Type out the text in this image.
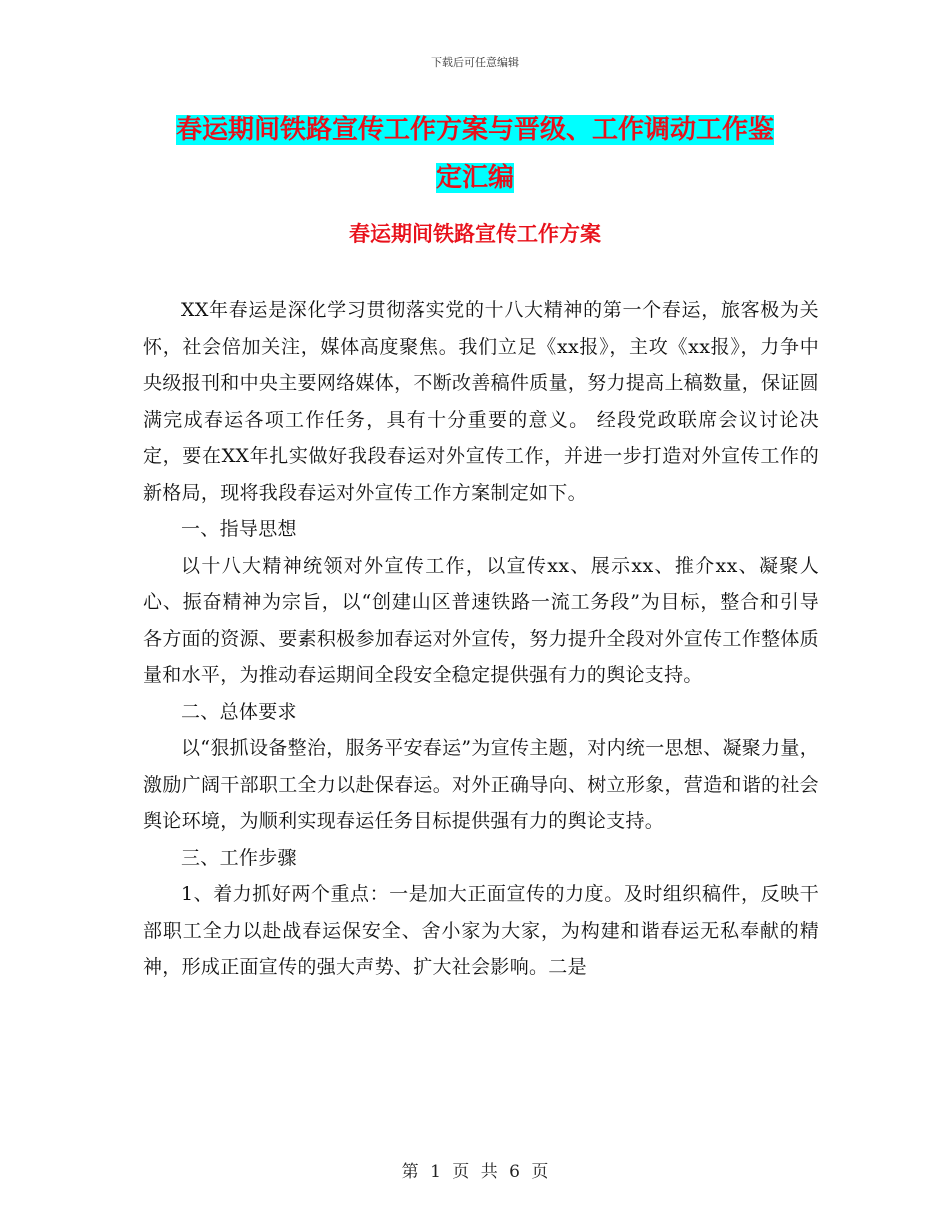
下载后可任意编辑
春运期间铁路宣传工作方案与晋级、工作调动工作鉴
定汇编
春运期间铁路宣传工作方案

XX年春运是深化学习贯彻落实党的十八大精神的第一个春运，旅客极为关怀，社会倍加关注，媒体高度聚焦。我们立足《xx报》，主攻《xx报》，力争中央级报刊和中央主要网络媒体，不断改善稿件质量，努力提高上稿数量，保证圆满完成春运各项工作任务，具有十分重要的意义。 经段党政联席会议讨论决定，要在XX年扎实做好我段春运对外宣传工作，并进一步打造对外宣传工作的新格局，现将我段春运对外宣传工作方案制定如下。

一、指导思想

以十八大精神统领对外宣传工作，以宣传xx、展示xx、推介xx、凝聚人心、振奋精神为宗旨，以“创建山区普速铁路一流工务段”为目标，整合和引导各方面的资源、要素积极参加春运对外宣传，努力提升全段对外宣传工作整体质量和水平，为推动春运期间全段安全稳定提供强有力的舆论支持。

二、总体要求

以“狠抓设备整治，服务平安春运”为宣传主题，对内统一思想、凝聚力量，激励广阔干部职工全力以赴保春运。对外正确导向、树立形象，营造和谐的社会舆论环境，为顺利实现春运任务目标提供强有力的舆论支持。

三、工作步骤

1、着力抓好两个重点：一是加大正面宣传的力度。及时组织稿件，反映干部职工全力以赴战春运保安全、舍小家为大家，为构建和谐春运无私奉献的精神，形成正面宣传的强大声势、扩大社会影响。二是

第 1 页 共 6 页
